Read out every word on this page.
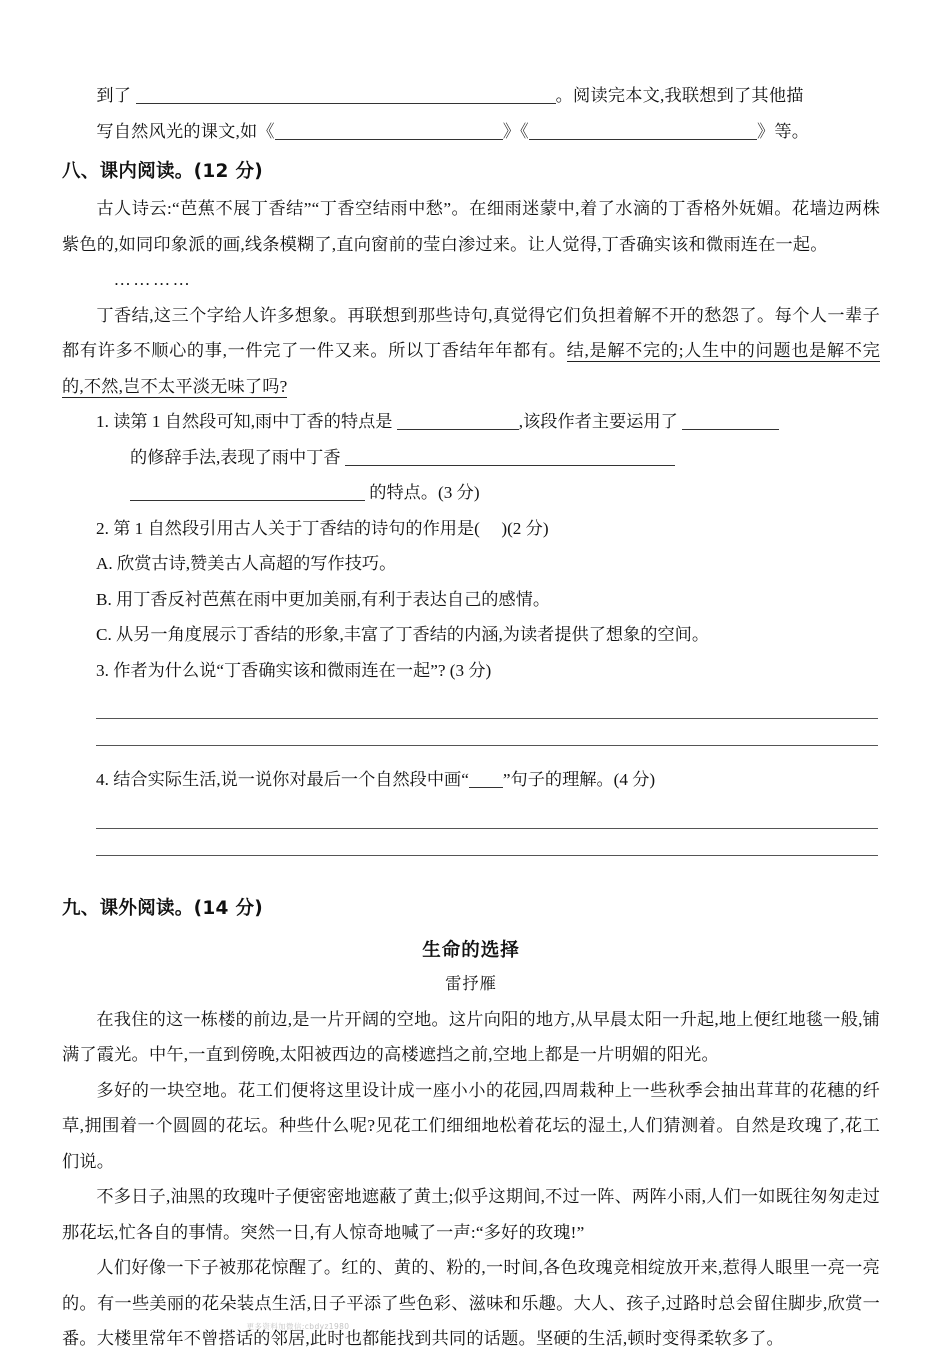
到了	。阅读完本文,我联想到了其他描

写自然风光的课文,如《	》《	》等。

八、课内阅读。(12 分)

古人诗云:“芭蕉不展丁香结”“丁香空结雨中愁”。在细雨迷蒙中,着了水滴的丁香格外妩媚。花墙边两株紫色的,如同印象派的画,线条模糊了,直向窗前的莹白渗过来。让人觉得,丁香确实该和微雨连在一起。

…………

丁香结,这三个字给人许多想象。再联想到那些诗句,真觉得它们负担着解不开的愁怨了。每个人一辈子都有许多不顺心的事,一件完了一件又来。所以丁香结年年都有。结,是解不完的;人生中的问题也是解不完的,不然,岂不太平淡无味了吗?

1. 读第 1 自然段可知,雨中丁香的特点是	,该段作者主要运用了
的修辞手法,表现了雨中丁香
的特点。(3 分)

2. 第 1 自然段引用古人关于丁香结的诗句的作用是( )(2 分)

A. 欣赏古诗,赞美古人高超的写作技巧。

B. 用丁香反衬芭蕉在雨中更加美丽,有利于表达自己的感情。

C. 从另一角度展示丁香结的形象,丰富了丁香结的内涵,为读者提供了想象的空间。

3. 作者为什么说“丁香确实该和微雨连在一起”? (3 分)

4. 结合实际生活,说一说你对最后一个自然段中画“ ”句子的理解。(4 分)

九、课外阅读。(14 分)

生命的选择

雷抒雁

在我住的这一栋楼的前边,是一片开阔的空地。这片向阳的地方,从早晨太阳一升起,地上便红地毯一般,铺满了霞光。中午,一直到傍晚,太阳被西边的高楼遮挡之前,空地上都是一片明媚的阳光。

多好的一块空地。花工们便将这里设计成一座小小的花园,四周栽种上一些秋季会抽出茸茸的花穗的纤草,拥围着一个圆圆的花坛。种些什么呢?见花工们细细地松着花坛的湿土,人们猜测着。自然是玫瑰了,花工们说。

不多日子,油黑的玫瑰叶子便密密地遮蔽了黄土;似乎这期间,不过一阵、两阵小雨,人们一如既往匆匆走过那花坛,忙各自的事情。突然一日,有人惊奇地喊了一声:“多好的玫瑰!”

人们好像一下子被那花惊醒了。红的、黄的、粉的,一时间,各色玫瑰竞相绽放开来,惹得人眼里一亮一亮的。有一些美丽的花朵装点生活,日子平添了些色彩、滋味和乐趣。大人、孩子,过路时总会留住脚步,欣赏一番。大楼里常年不曾搭话的邻居,此时也都能找到共同的话题。坚硬的生活,顿时变得柔软多了。

更多资料加微信:cbdyz1980
